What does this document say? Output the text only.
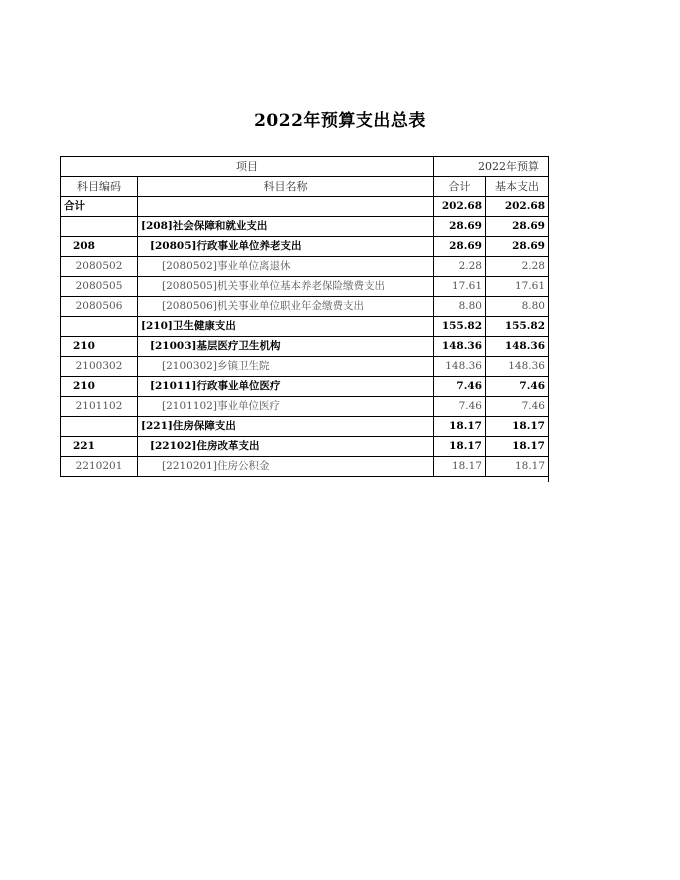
2022年预算支出总表
项目		2022年预算		
科目编码	科目名称	合计	基本支出	
合计		202.68	202.68	
	[208]社会保障和就业支出	28.69	28.69	
208	[20805]行政事业单位养老支出	28.69	28.69	
2080502	[2080502]事业单位离退休	2.28	2.28	
2080505	[2080505]机关事业单位基本养老保险缴费支出	17.61	17.61	
2080506	[2080506]机关事业单位职业年金缴费支出	8.80	8.80	
	[210]卫生健康支出	155.82	155.82	
210	[21003]基层医疗卫生机构	148.36	148.36	
2100302	[2100302]乡镇卫生院	148.36	148.36	
210	[21011]行政事业单位医疗	7.46	7.46	
2101102	[2101102]事业单位医疗	7.46	7.46	
	[221]住房保障支出	18.17	18.17	
221	[22102]住房改革支出	18.17	18.17	
2210201	[2210201]住房公积金	18.17	18.17	
